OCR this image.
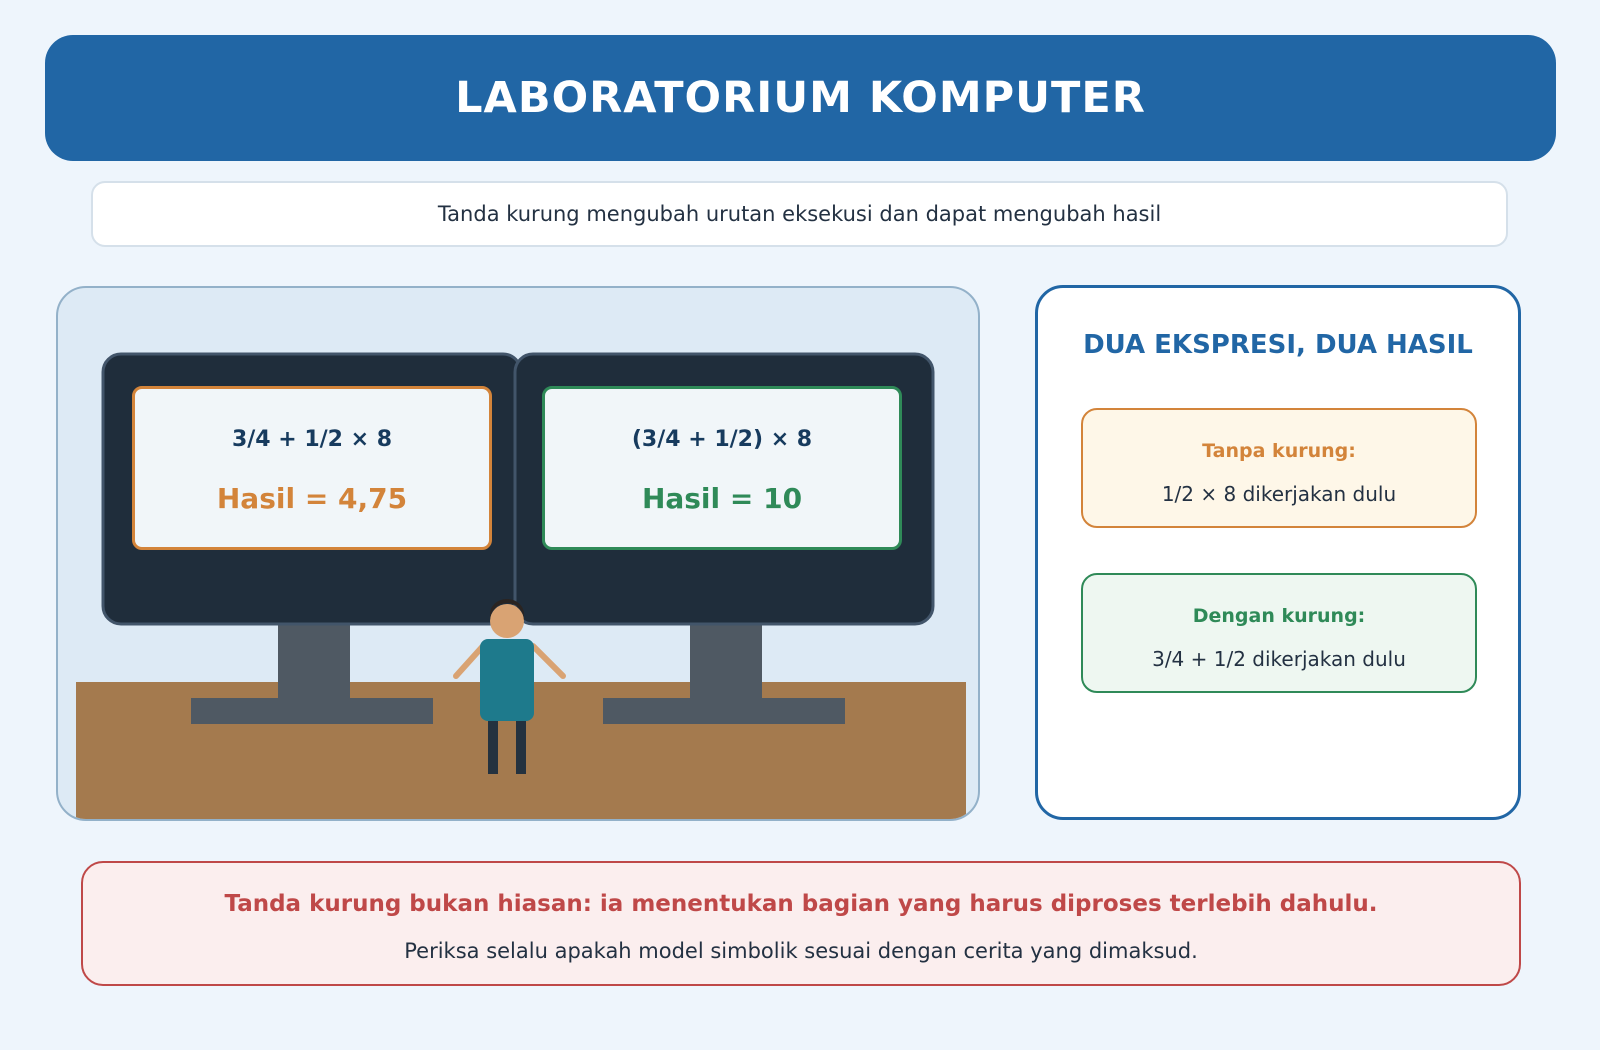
LABORATORIUM KOMPUTER
Tanda kurung mengubah urutan eksekusi dan dapat mengubah hasil
3/4 + 1/2 × 8
Hasil = 4,75
(3/4 + 1/2) × 8
Hasil = 10
DUA EKSPRESI, DUA HASIL
Tanpa kurung:
1/2 × 8 dikerjakan dulu
Dengan kurung:
3/4 + 1/2 dikerjakan dulu
Tanda kurung bukan hiasan: ia menentukan bagian yang harus diproses terlebih dahulu.
Periksa selalu apakah model simbolik sesuai dengan cerita yang dimaksud.
